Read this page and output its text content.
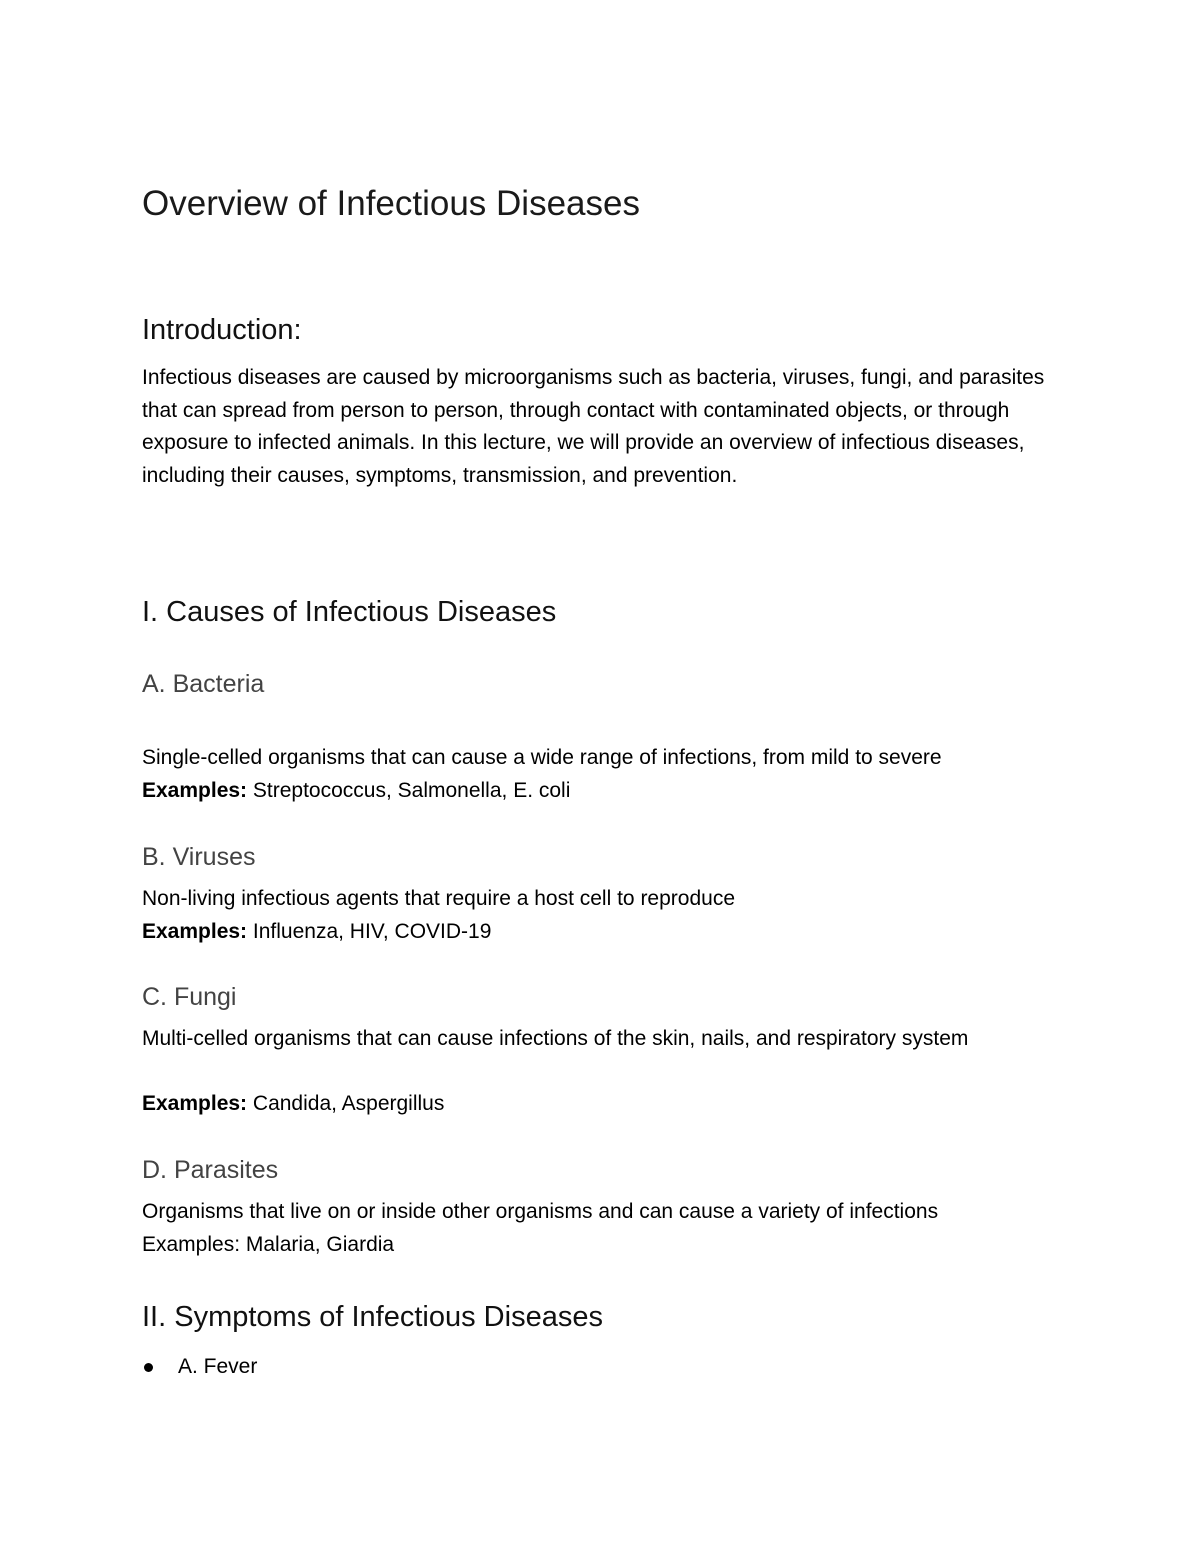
Overview of Infectious Diseases
Introduction:
Infectious diseases are caused by microorganisms such as bacteria, viruses, fungi, and parasites that can spread from person to person, through contact with contaminated objects, or through exposure to infected animals. In this lecture, we will provide an overview of infectious diseases, including their causes, symptoms, transmission, and prevention.
I. Causes of Infectious Diseases
A. Bacteria
Single-celled organisms that can cause a wide range of infections, from mild to severe
Examples: Streptococcus, Salmonella, E. coli
B. Viruses
Non-living infectious agents that require a host cell to reproduce
Examples: Influenza, HIV, COVID-19
C. Fungi
Multi-celled organisms that can cause infections of the skin, nails, and respiratory system
Examples: Candida, Aspergillus
D. Parasites
Organisms that live on or inside other organisms and can cause a variety of infections
Examples: Malaria, Giardia
II. Symptoms of Infectious Diseases
A. Fever
